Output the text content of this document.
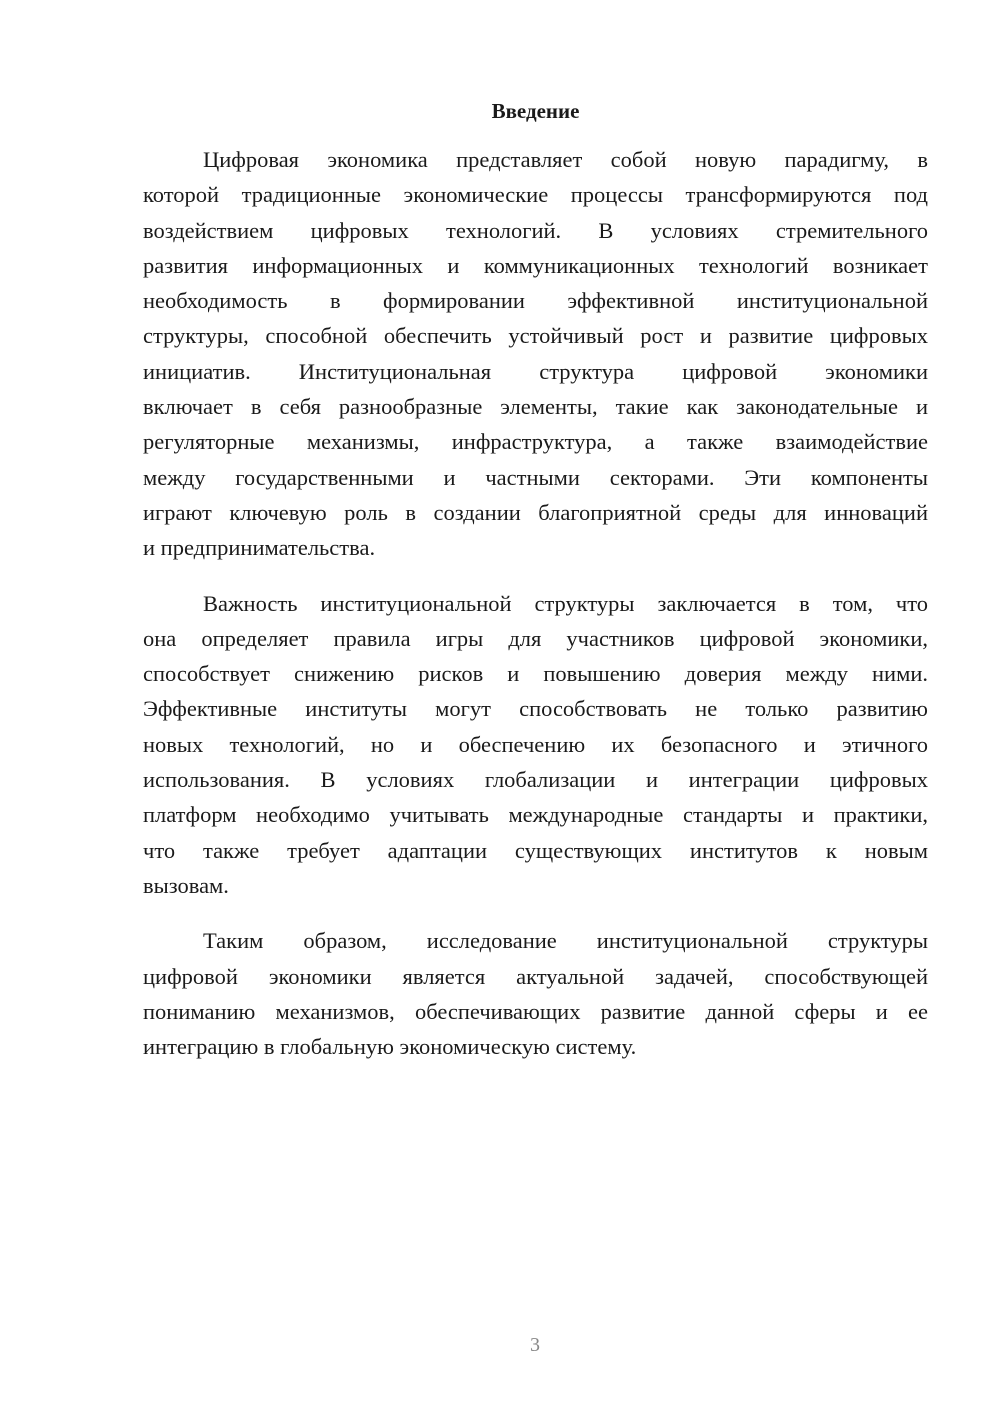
Введение
Цифровая экономика представляет собой новую парадигму, в
которой традиционные экономические процессы трансформируются под
воздействием цифровых технологий. В условиях стремительного
развития информационных и коммуникационных технологий возникает
необходимость в формировании эффективной институциональной
структуры, способной обеспечить устойчивый рост и развитие цифровых
инициатив. Институциональная структура цифровой экономики
включает в себя разнообразные элементы, такие как законодательные и
регуляторные механизмы, инфраструктура, а также взаимодействие
между государственными и частными секторами. Эти компоненты
играют ключевую роль в создании благоприятной среды для инноваций
и предпринимательства.
Важность институциональной структуры заключается в том, что
она определяет правила игры для участников цифровой экономики,
способствует снижению рисков и повышению доверия между ними.
Эффективные институты могут способствовать не только развитию
новых технологий, но и обеспечению их безопасного и этичного
использования. В условиях глобализации и интеграции цифровых
платформ необходимо учитывать международные стандарты и практики,
что также требует адаптации существующих институтов к новым
вызовам.
Таким образом, исследование институциональной структуры
цифровой экономики является актуальной задачей, способствующей
пониманию механизмов, обеспечивающих развитие данной сферы и ее
интеграцию в глобальную экономическую систему.
3
